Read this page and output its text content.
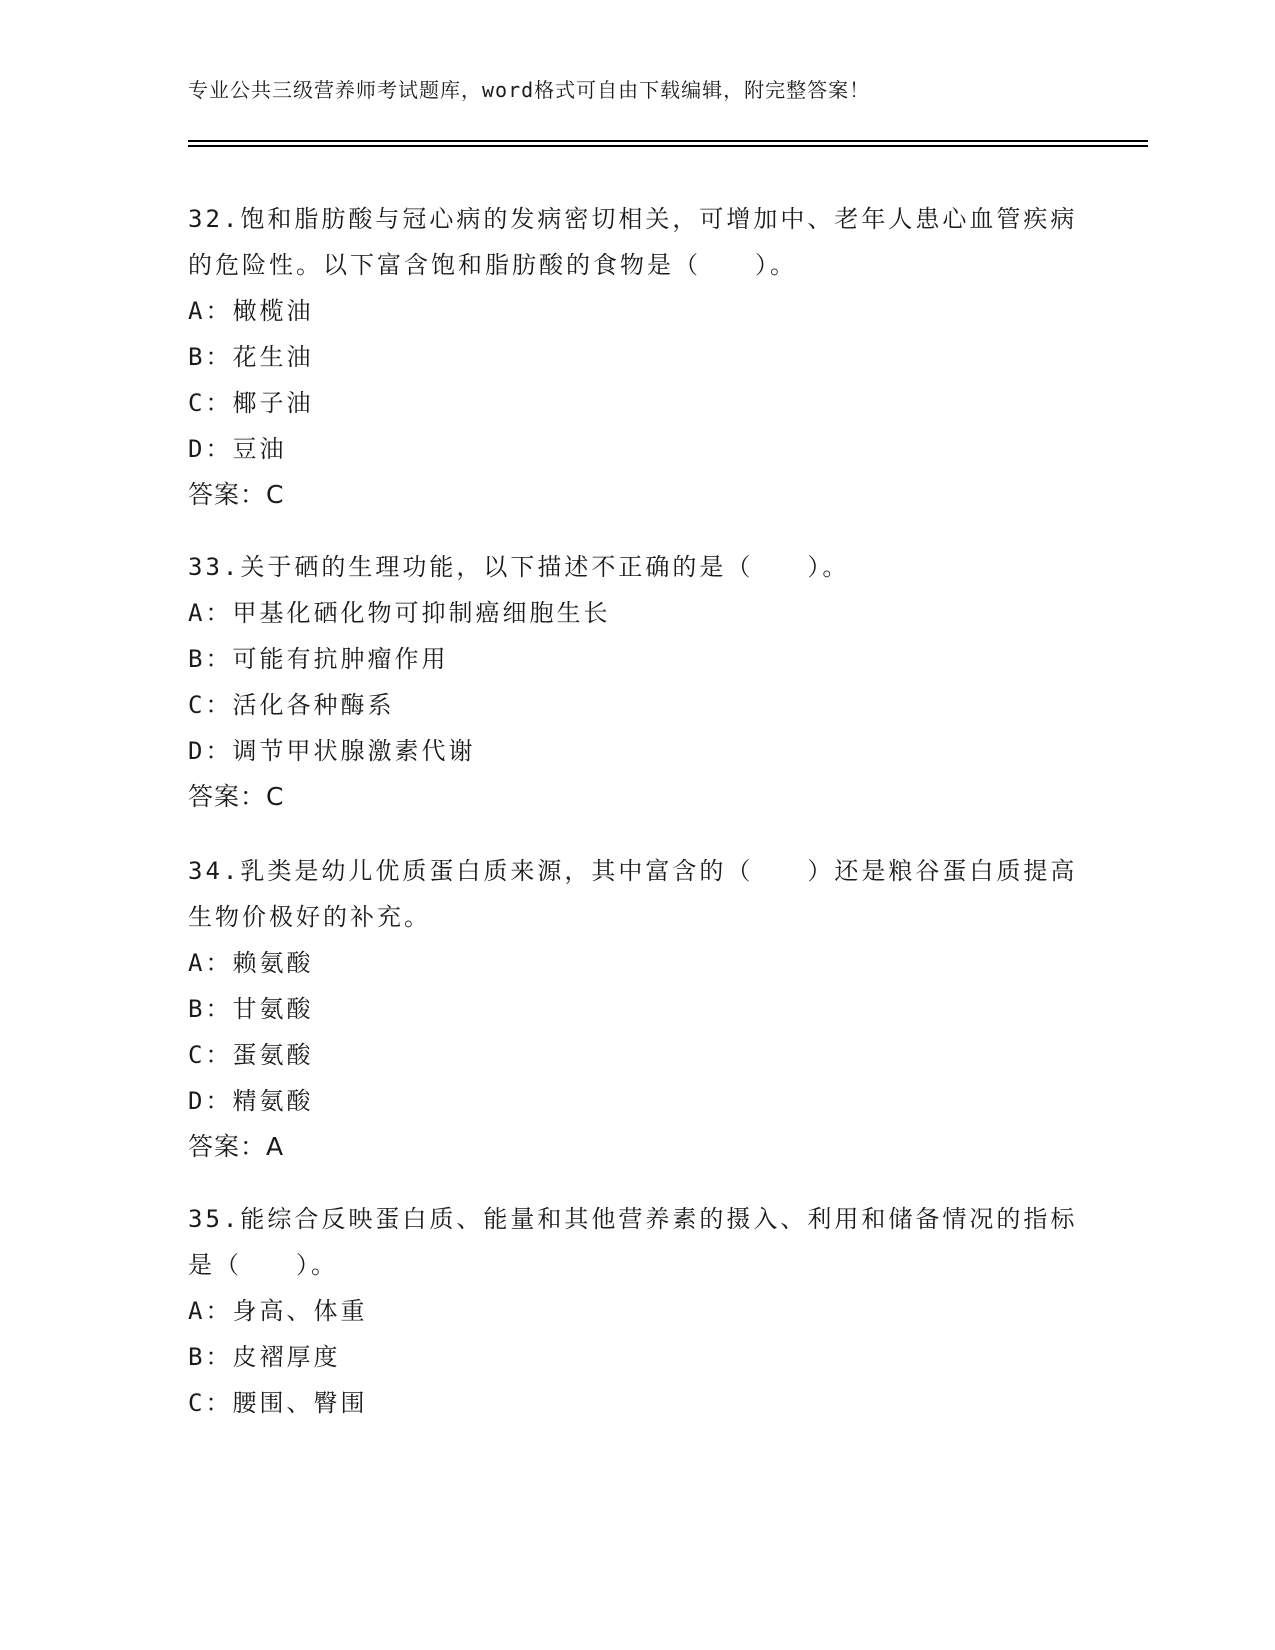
专业公共三级营养师考试题库，word格式可自由下载编辑，附完整答案！
32.饱和脂肪酸与冠心病的发病密切相关，可增加中、老年人患心血管疾病的危险性。以下富含饱和脂肪酸的食物是（　　）。
A：橄榄油
B：花生油
C：椰子油
D：豆油
答案：C
33.关于硒的生理功能，以下描述不正确的是（　　）。
A：甲基化硒化物可抑制癌细胞生长
B：可能有抗肿瘤作用
C：活化各种酶系
D：调节甲状腺激素代谢
答案：C
34.乳类是幼儿优质蛋白质来源，其中富含的（　　）还是粮谷蛋白质提高生物价极好的补充。
A：赖氨酸
B：甘氨酸
C：蛋氨酸
D：精氨酸
答案：A
35.能综合反映蛋白质、能量和其他营养素的摄入、利用和储备情况的指标是（　　）。
A：身高、体重
B：皮褶厚度
C：腰围、臀围
